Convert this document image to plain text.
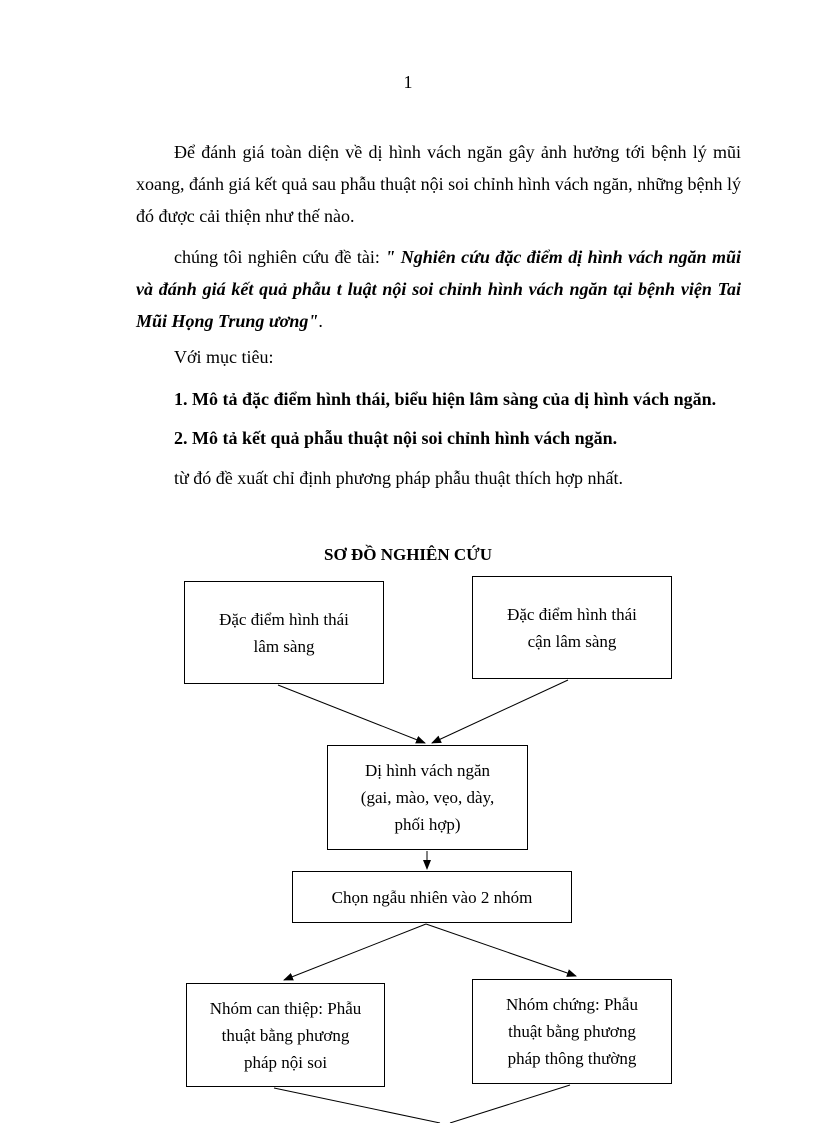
1

Để đánh giá toàn diện về dị hình vách ngăn gây ảnh hưởng tới bệnh lý mũi xoang, đánh giá kết quả sau phẫu thuật nội soi chỉnh hình vách ngăn, những bệnh lý đó được cải thiện như thế nào.

chúng tôi nghiên cứu đề tài: " Nghiên cứu đặc điểm dị hình vách ngăn mũi và đánh giá kết quả phẫu t luật nội soi chỉnh hình vách ngăn tại bệnh viện Tai Mũi Họng Trung ương".

Với mục tiêu:

1. Mô tả đặc điểm hình thái, biểu hiện lâm sàng của dị hình vách ngăn.

2. Mô tả kết quả phẫu thuật nội soi chỉnh hình vách ngăn.

từ đó đề xuất chỉ định phương pháp phẫu thuật thích hợp nhất.

SƠ ĐỒ NGHIÊN CỨU
Đặc điểm hình thái
lâm sàng
Đặc điểm hình thái
cận lâm sàng
Dị hình vách ngăn
(gai, mào, vẹo, dày,
phối hợp)
Chọn ngẫu nhiên vào 2 nhóm
Nhóm can thiệp: Phẫu
thuật bằng phương
pháp nội soi
Nhóm chứng: Phẫu
thuật bằng phương
pháp thông thường
